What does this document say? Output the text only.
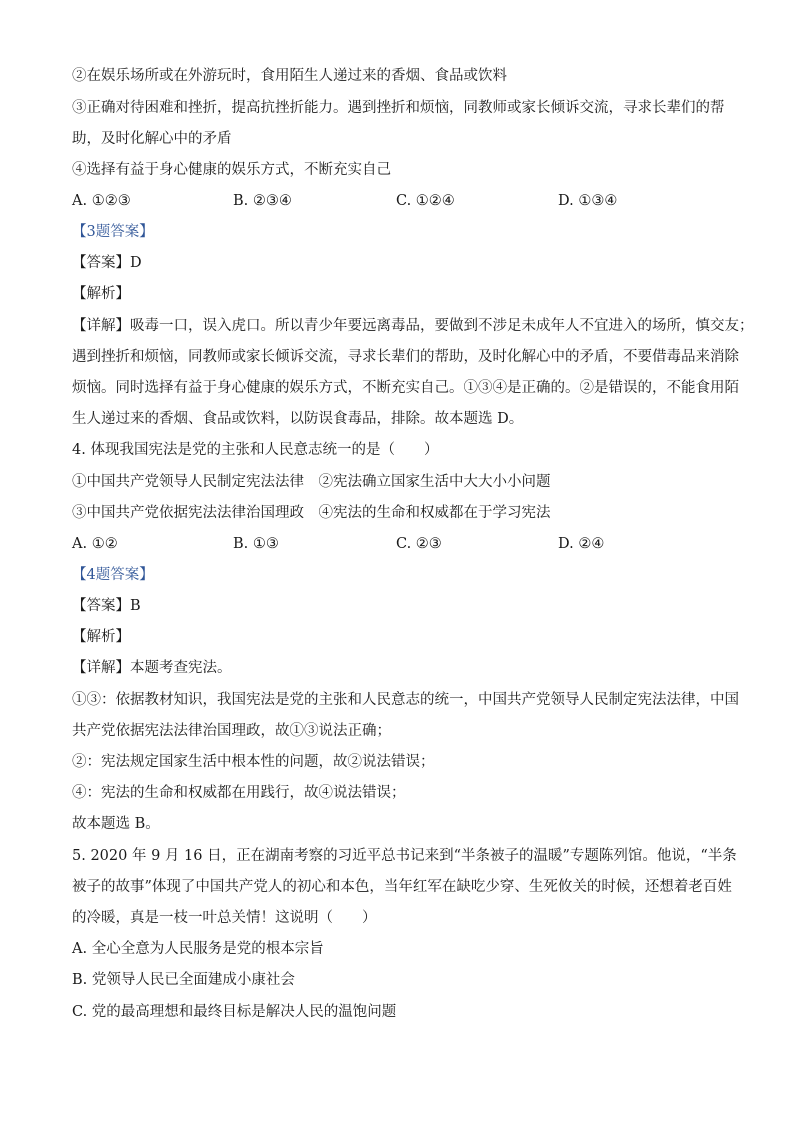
②在娱乐场所或在外游玩时，食用陌生人递过来的香烟、食品或饮料
③正确对待困难和挫折，提高抗挫折能力。遇到挫折和烦恼，同教师或家长倾诉交流，寻求长辈们的帮
助，及时化解心中的矛盾
④选择有益于身心健康的娱乐方式，不断充实自己
A. ①②③	B. ②③④	C. ①②④	D. ①③④
【3题答案】
【答案】D
【解析】
【详解】吸毒一口，误入虎口。所以青少年要远离毒品，要做到不涉足未成年人不宜进入的场所，慎交友；
遇到挫折和烦恼，同教师或家长倾诉交流，寻求长辈们的帮助，及时化解心中的矛盾，不要借毒品来消除
烦恼。同时选择有益于身心健康的娱乐方式，不断充实自己。①③④是正确的。②是错误的，不能食用陌
生人递过来的香烟、食品或饮料，以防误食毒品，排除。故本题选 D。
4. 体现我国宪法是党的主张和人民意志统一的是（　　）
①中国共产党领导人民制定宪法法律　②宪法确立国家生活中大大小小问题
③中国共产党依据宪法法律治国理政　④宪法的生命和权威都在于学习宪法
A. ①②	B. ①③	C. ②③	D. ②④
【4题答案】
【答案】B
【解析】
【详解】本题考查宪法。
①③：依据教材知识，我国宪法是党的主张和人民意志的统一，中国共产党领导人民制定宪法法律，中国
共产党依据宪法法律治国理政，故①③说法正确；
②：宪法规定国家生活中根本性的问题，故②说法错误；
④：宪法的生命和权威都在用践行，故④说法错误；
故本题选 B。
5. 2020 年 9 月 16 日，正在湖南考察的习近平总书记来到“半条被子的温暖”专题陈列馆。他说，“半条
被子的故事”体现了中国共产党人的初心和本色，当年红军在缺吃少穿、生死攸关的时候，还想着老百姓
的冷暖，真是一枝一叶总关情！这说明（　　）
A. 全心全意为人民服务是党的根本宗旨
B. 党领导人民已全面建成小康社会
C. 党的最高理想和最终目标是解决人民的温饱问题
